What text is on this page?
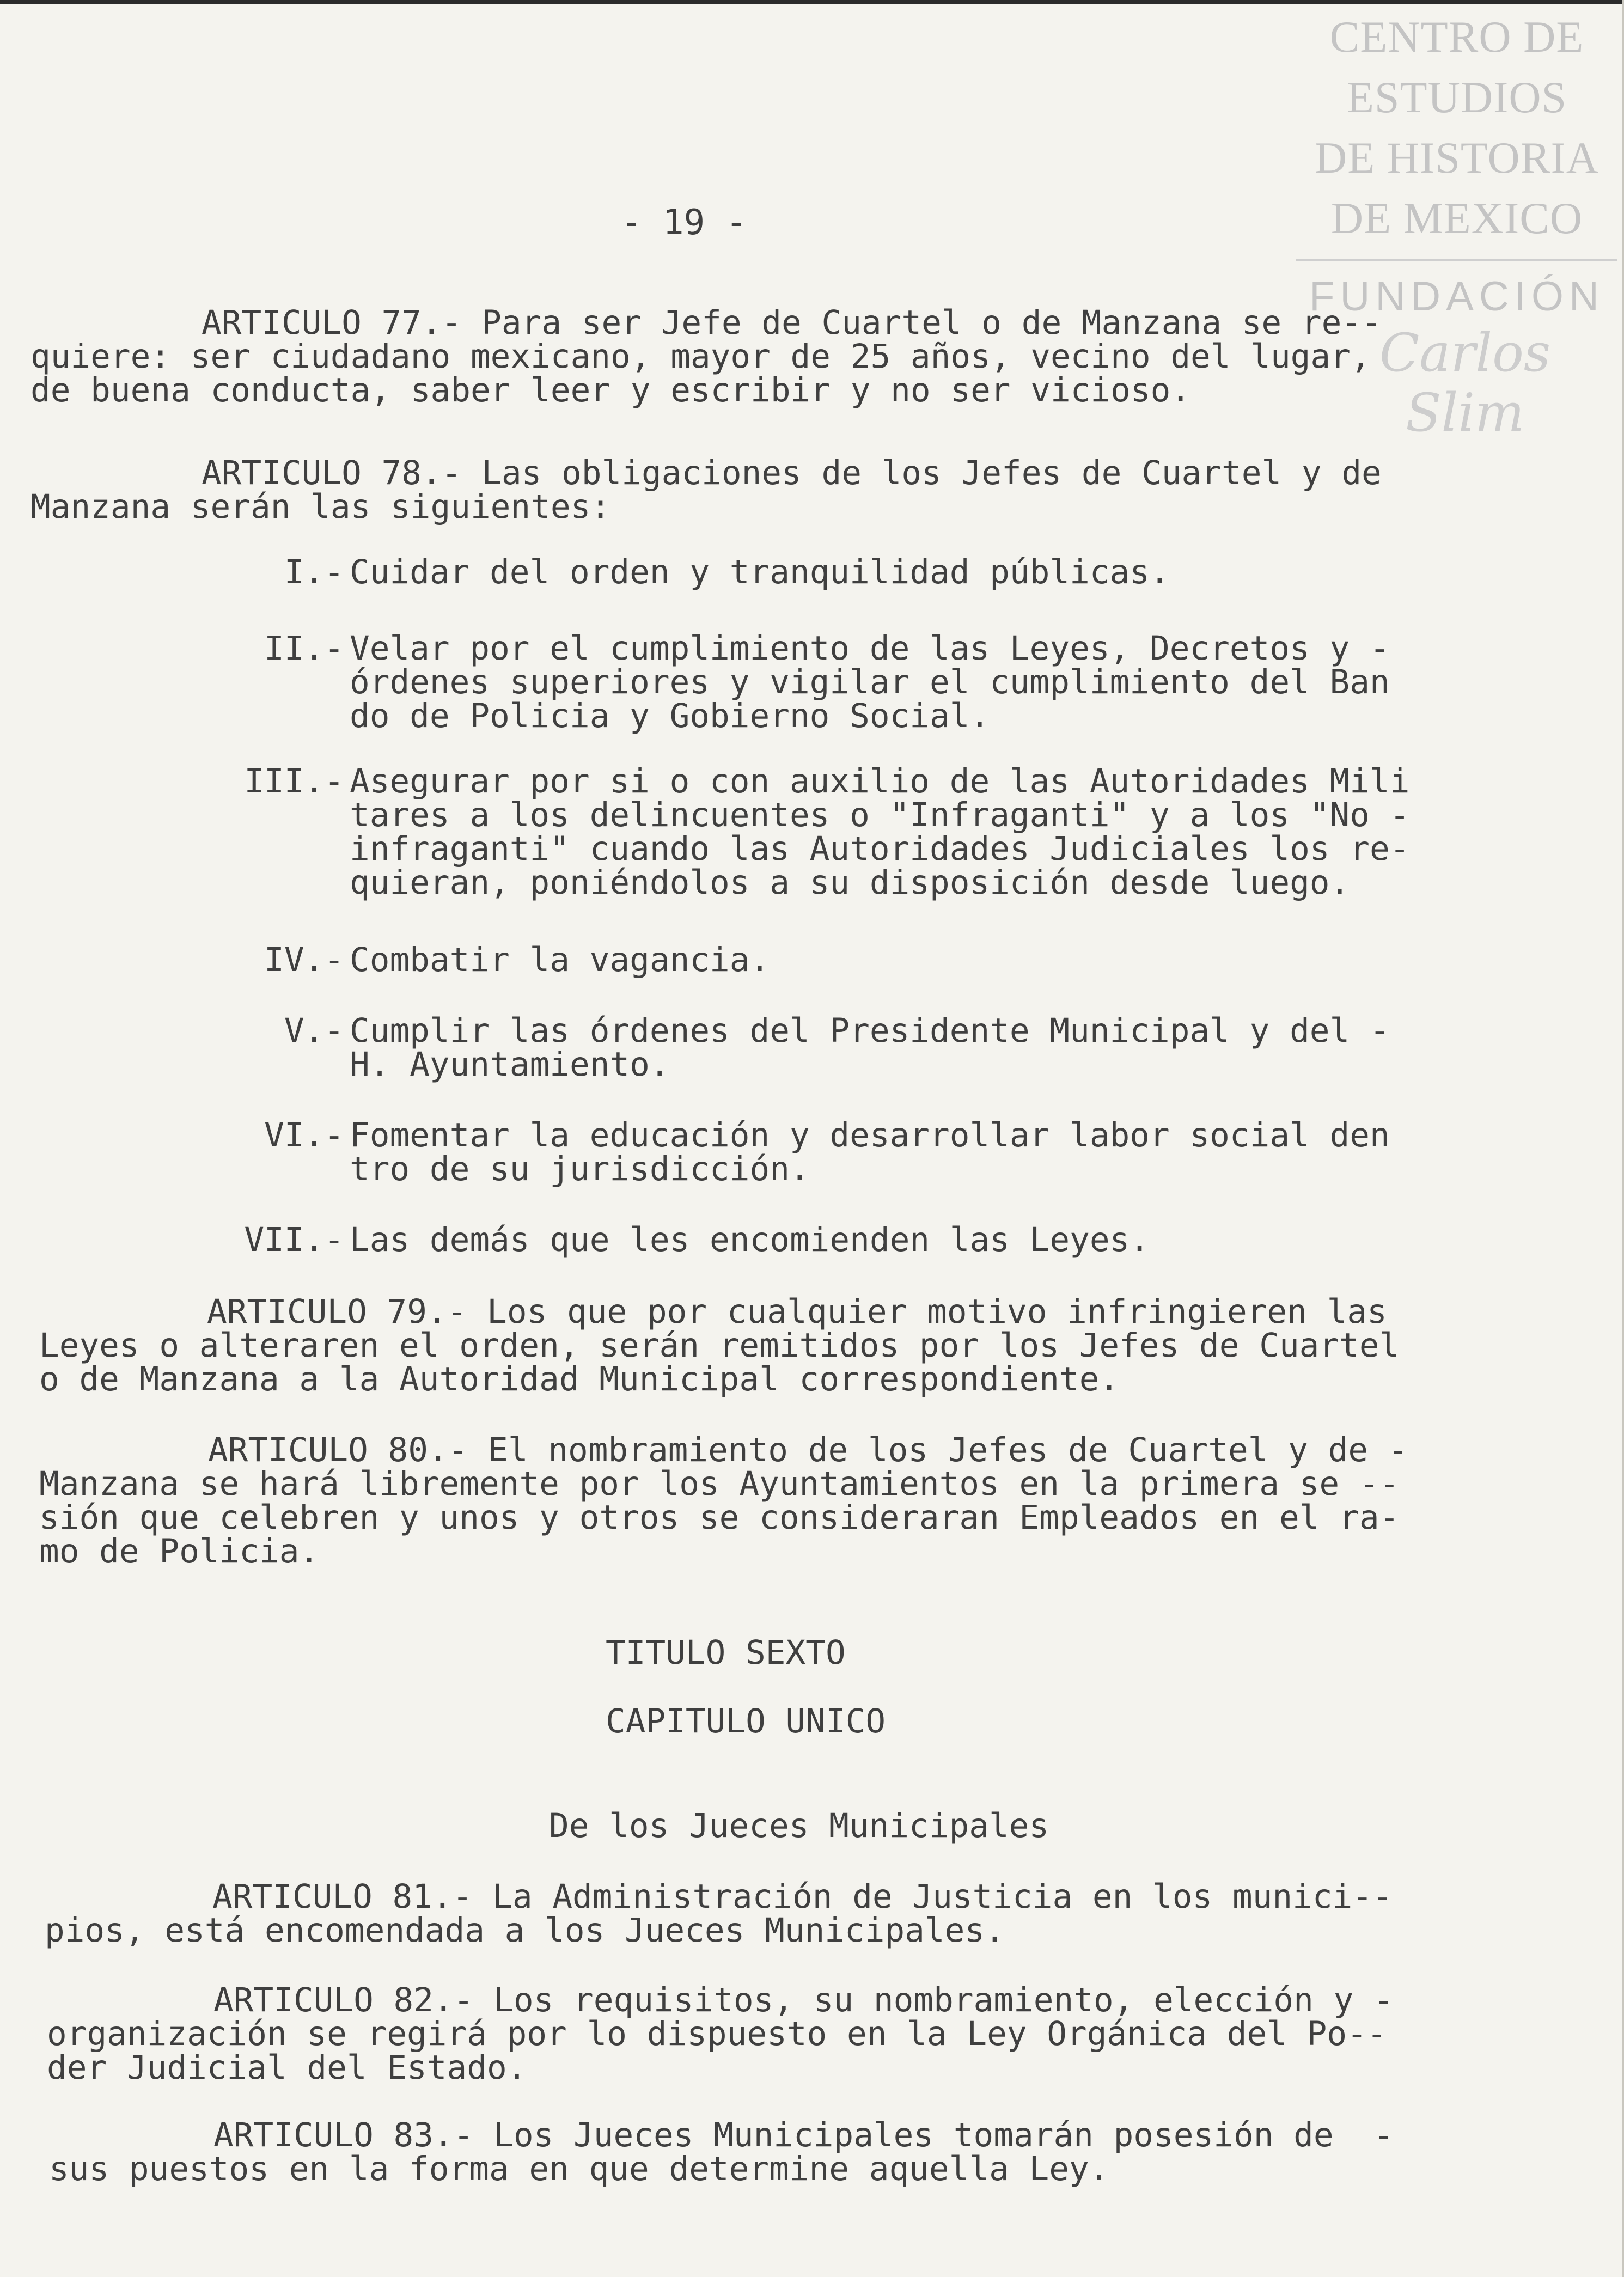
CENTRO DE
ESTUDIOS
DE HISTORIA
DE MEXICO
FUNDACIÓN
Carlos Slim
- 19 -
ARTICULO 77.- Para ser Jefe de Cuartel o de Manzana se re--
quiere: ser ciudadano mexicano, mayor de 25 años, vecino del lugar,
de buena conducta, saber leer y escribir y no ser vicioso.
ARTICULO 78.- Las obligaciones de los Jefes de Cuartel y de
Manzana serán las siguientes:
I.- Cuidar del orden y tranquilidad públicas.
II.- Velar por el cumplimiento de las Leyes, Decretos y -
órdenes superiores y vigilar el cumplimiento del Ban
do de Policia y Gobierno Social.
III.- Asegurar por si o con auxilio de las Autoridades Mili
tares a los delincuentes o "Infraganti" y a los "No -
infraganti" cuando las Autoridades Judiciales los re-
quieran, poniéndolos a su disposición desde luego.
IV.- Combatir la vagancia.
V.- Cumplir las órdenes del Presidente Municipal y del -
H. Ayuntamiento.
VI.- Fomentar la educación y desarrollar labor social den
tro de su jurisdicción.
VII.- Las demás que les encomienden las Leyes.
ARTICULO 79.- Los que por cualquier motivo infringieren las
Leyes o alteraren el orden, serán remitidos por los Jefes de Cuartel
o de Manzana a la Autoridad Municipal correspondiente.
ARTICULO 80.- El nombramiento de los Jefes de Cuartel y de -
Manzana se hará libremente por los Ayuntamientos en la primera se --
sión que celebren y unos y otros se consideraran Empleados en el ra-
mo de Policia.
TITULO SEXTO
CAPITULO UNICO
De los Jueces Municipales
ARTICULO 81.- La Administración de Justicia en los munici--
pios, está encomendada a los Jueces Municipales.
ARTICULO 82.- Los requisitos, su nombramiento, elección y -
organización se regirá por lo dispuesto en la Ley Orgánica del Po--
der Judicial del Estado.
ARTICULO 83.- Los Jueces Municipales tomarán posesión de  -
sus puestos en la forma en que determine aquella Ley.
